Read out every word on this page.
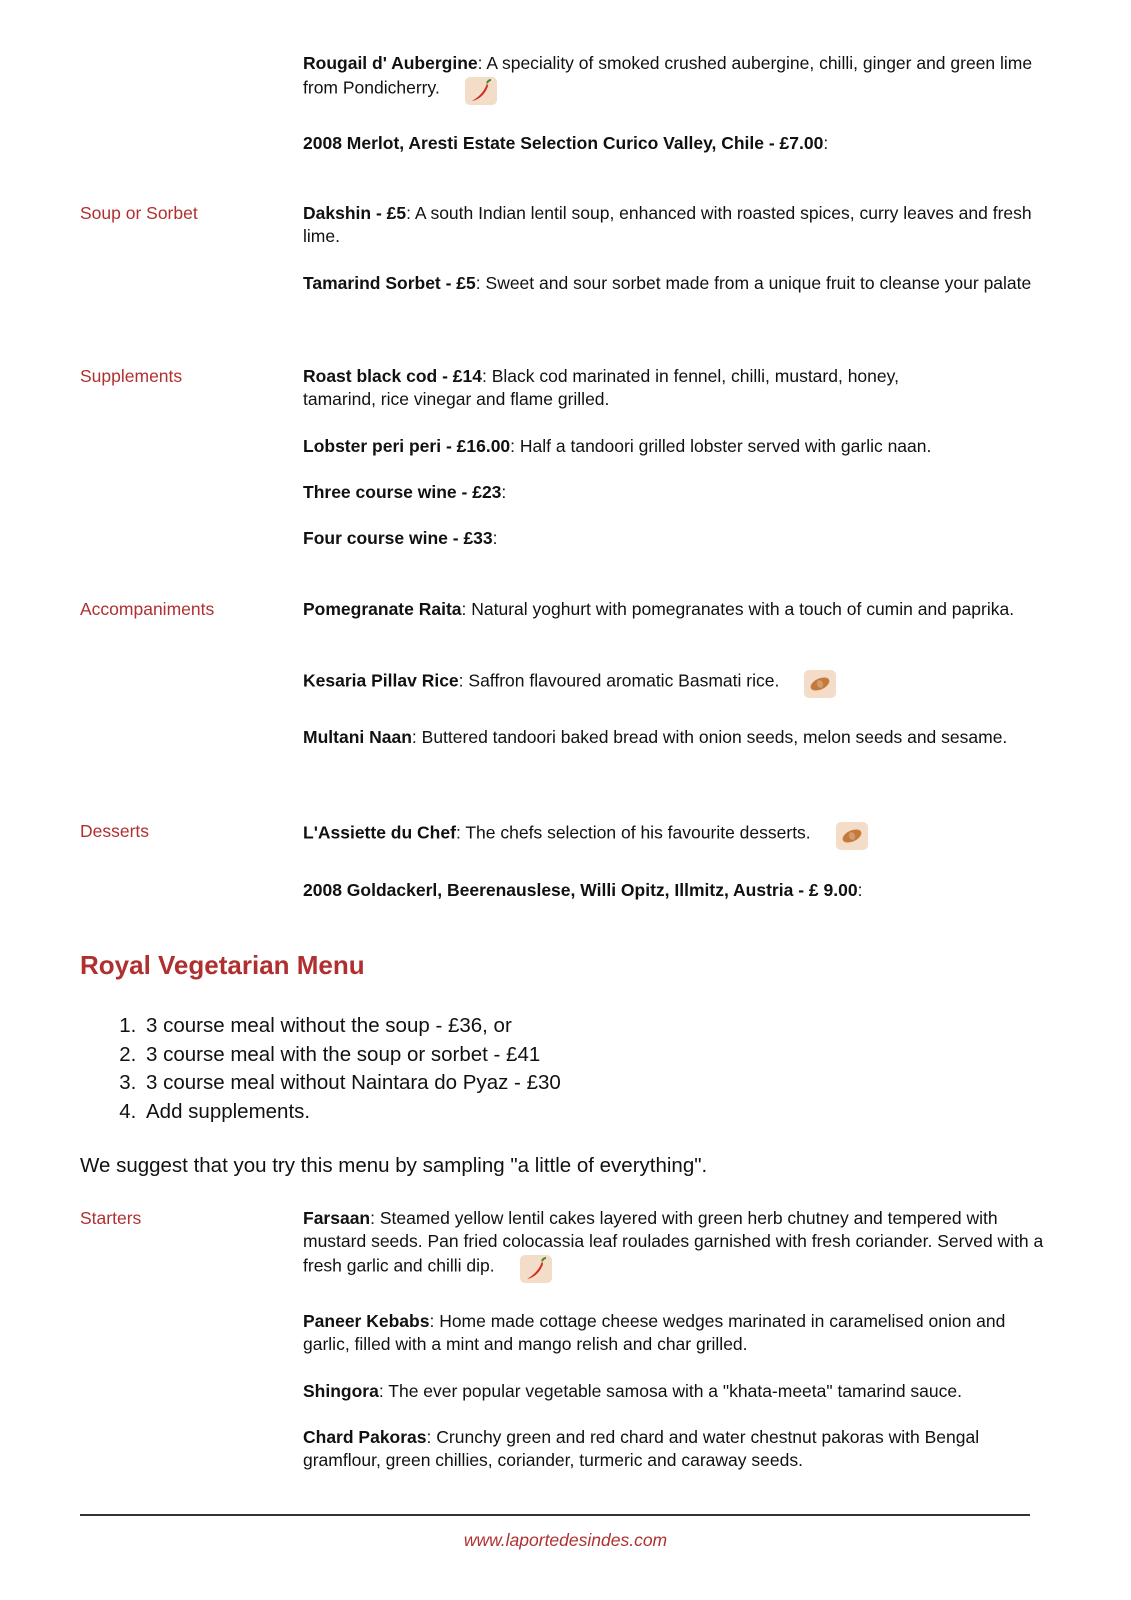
Rougail d' Aubergine: A speciality of smoked crushed aubergine, chilli, ginger and green lime from Pondicherry.
2008 Merlot, Aresti Estate Selection Curico Valley, Chile - £7.00:
Soup or Sorbet	Dakshin - £5: A south Indian lentil soup, enhanced with roasted spices, curry leaves and fresh lime.
Tamarind Sorbet - £5: Sweet and sour sorbet made from a unique fruit to cleanse your palate
Supplements	Roast black cod - £14: Black cod marinated in fennel, chilli, mustard, honey, tamarind, rice vinegar and flame grilled.
Lobster peri peri - £16.00: Half a tandoori grilled lobster served with garlic naan.
Three course wine - £23:
Four course wine - £33:
Accompaniments	Pomegranate Raita: Natural yoghurt with pomegranates with a touch of cumin and paprika.
Kesaria Pillav Rice: Saffron flavoured aromatic Basmati rice.
Multani Naan: Buttered tandoori baked bread with onion seeds, melon seeds and sesame.
Desserts	L'Assiette du Chef: The chefs selection of his favourite desserts.
2008 Goldackerl, Beerenauslese, Willi Opitz, Illmitz, Austria - £ 9.00:
Royal Vegetarian Menu
1. 3 course meal without the soup - £36, or
2. 3 course meal with the soup or sorbet - £41
3. 3 course meal without Naintara do Pyaz - £30
4. Add supplements.
We suggest that you try this menu by sampling "a little of everything".
Starters	Farsaan: Steamed yellow lentil cakes layered with green herb chutney and tempered with mustard seeds. Pan fried colocassia leaf roulades garnished with fresh coriander. Served with a fresh garlic and chilli dip.
Paneer Kebabs: Home made cottage cheese wedges marinated in caramelised onion and garlic, filled with a mint and mango relish and char grilled.
Shingora: The ever popular vegetable samosa with a "khata-meeta" tamarind sauce.
Chard Pakoras: Crunchy green and red chard and water chestnut pakoras with Bengal gramflour, green chillies, coriander, turmeric and caraway seeds.
www.laportedesindes.com
